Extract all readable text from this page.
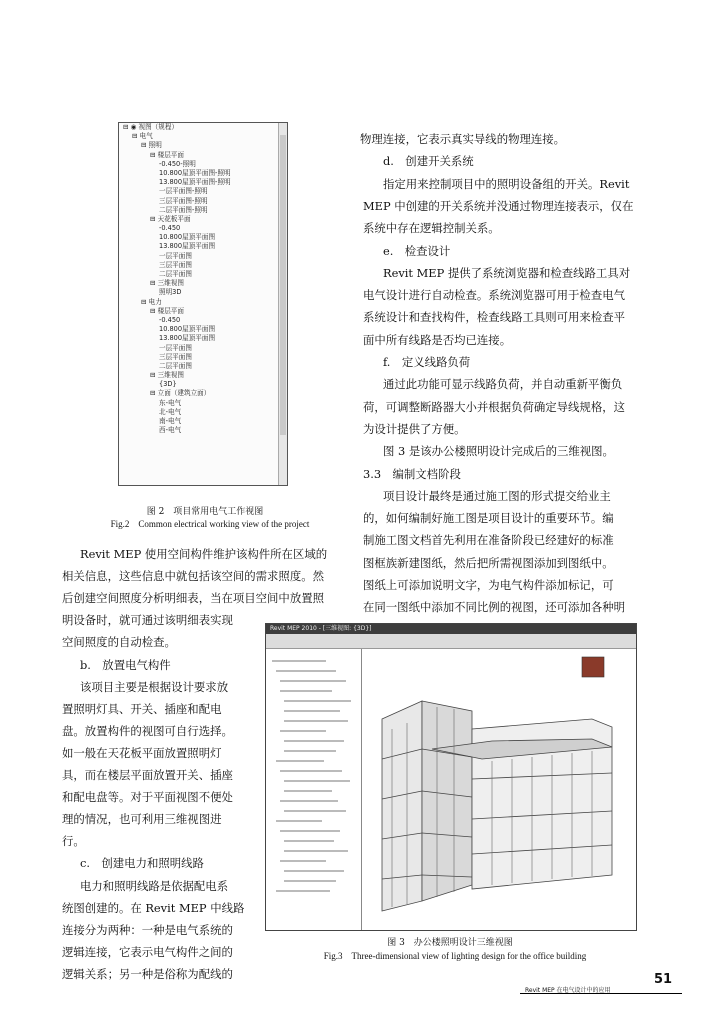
⊟ ◉ 视图（规程）
⊟ 电气
⊟ 照明
⊟ 楼层平面
-0.450-照明
10.800屋顶平面图-照明
13.800屋顶平面图-照明
一层平面图-照明
三层平面图-照明
二层平面图-照明
⊟ 天花板平面
-0.450
10.800屋顶平面图
13.800屋顶平面图
一层平面图
三层平面图
二层平面图
⊟ 三维视图
照明3D
⊟ 电力
⊟ 楼层平面
-0.450
10.800屋顶平面图
13.800屋顶平面图
一层平面图
三层平面图
二层平面图
⊟ 三维视图
{3D}
⊟ 立面（建筑立面）
东-电气
北-电气
南-电气
西-电气
图 2　项目常用电气工作视图
Fig.2　Common electrical working view of the project
物理连接，它表示真实导线的物理连接。
d.　创建开关系统
指定用来控制项目中的照明设备组的开关。Revit
MEP 中创建的开关系统并没通过物理连接表示，仅在
系统中存在逻辑控制关系。
e.　检查设计
Revit MEP 提供了系统浏览器和检查线路工具对
电气设计进行自动检查。系统浏览器可用于检查电气
系统设计和查找构件，检查线路工具则可用来检查平
面中所有线路是否均已连接。
f.　定义线路负荷
通过此功能可显示线路负荷，并自动重新平衡负
荷，可调整断路器大小并根据负荷确定导线规格，这
为设计提供了方便。
图 3 是该办公楼照明设计完成后的三维视图。
3.3　编制文档阶段
项目设计最终是通过施工图的形式提交给业主
的，如何编制好施工图是项目设计的重要环节。编
制施工图文档首先利用在准备阶段已经建好的标准
图框族新建图纸，然后把所需视图添加到图纸中。
图纸上可添加说明文字，为电气构件添加标记，可
在同一图纸中添加不同比例的视图，还可添加各种明
Revit MEP 使用空间构件维护该构件所在区域的
相关信息，这些信息中就包括该空间的需求照度。然
后创建空间照度分析明细表，当在项目空间中放置照
明设备时，就可通过该明细表实现
空间照度的自动检查。
b.　放置电气构件
该项目主要是根据设计要求放
置照明灯具、开关、插座和配电
盘。放置构件的视图可自行选择。
如一般在天花板平面放置照明灯
具，而在楼层平面放置开关、插座
和配电盘等。对于平面视图不便处
理的情况，也可利用三维视图进
行。
c.　创建电力和照明线路
电力和照明线路是依据配电系
统图创建的。在 Revit MEP 中线路
连接分为两种：一种是电气系统的
逻辑连接，它表示电气构件之间的
逻辑关系；另一种是俗称为配线的
Revit MEP 2010 - [三维视图: {3D}]
图 3　办公楼照明设计三维视图
Fig.3　Three-dimensional view of lighting design for the office building
Revit MEP 在电气设计中的应用
51
